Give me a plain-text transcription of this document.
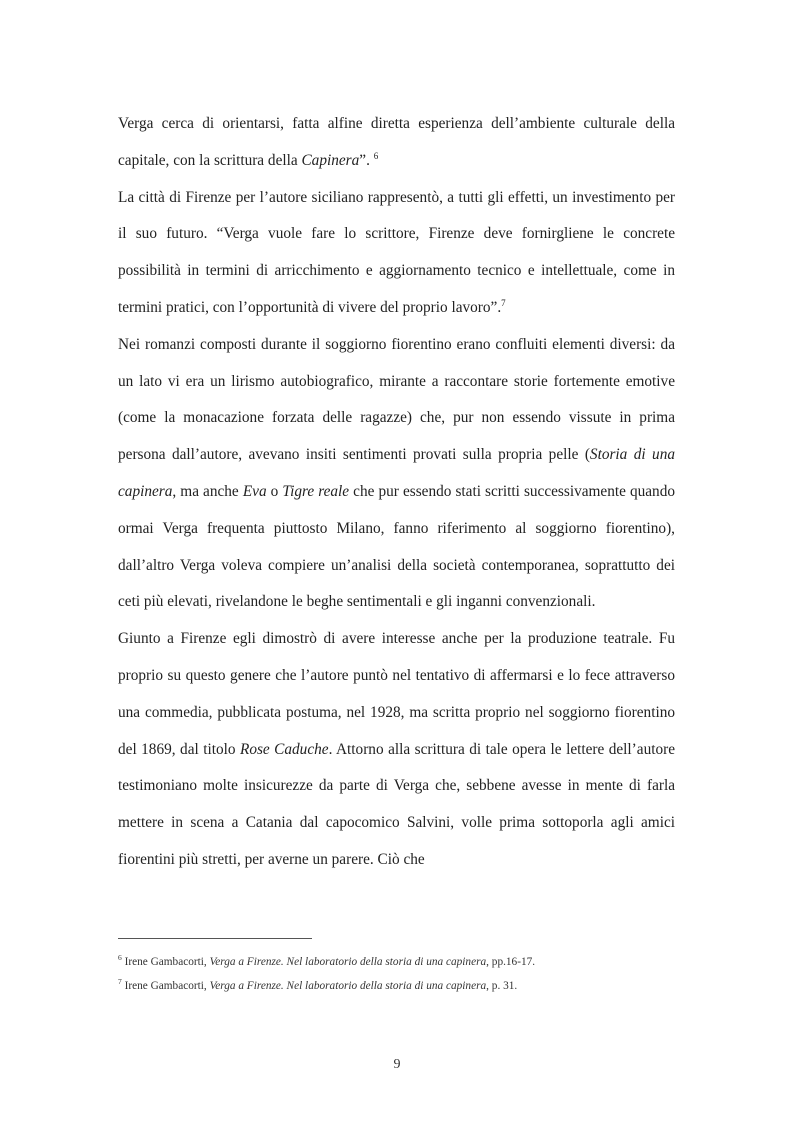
Verga cerca di orientarsi, fatta alfine diretta esperienza dell’ambiente culturale della capitale, con la scrittura della Capinera”. $^6$

La città di Firenze per l’autore siciliano rappresentò, a tutti gli effetti, un investimento per il suo futuro. “Verga vuole fare lo scrittore, Firenze deve fornirgliene le concrete possibilità in termini di arricchimento e aggiornamento tecnico e intellettuale, come in termini pratici, con l’opportunità di vivere del proprio lavoro”.$^7$

Nei romanzi composti durante il soggiorno fiorentino erano confluiti elementi diversi: da un lato vi era un lirismo autobiografico, mirante a raccontare storie fortemente emotive (come la monacazione forzata delle ragazze) che, pur non essendo vissute in prima persona dall’autore, avevano insiti sentimenti provati sulla propria pelle (Storia di una capinera, ma anche Eva o Tigre reale che pur essendo stati scritti successivamente quando ormai Verga frequenta piuttosto Milano, fanno riferimento al soggiorno fiorentino), dall’altro Verga voleva compiere un’analisi della società contemporanea, soprattutto dei ceti più elevati, rivelandone le beghe sentimentali e gli inganni convenzionali.

Giunto a Firenze egli dimostrò di avere interesse anche per la produzione teatrale. Fu proprio su questo genere che l’autore puntò nel tentativo di affermarsi e lo fece attraverso una commedia, pubblicata postuma, nel 1928, ma scritta proprio nel soggiorno fiorentino del 1869, dal titolo Rose Caduche. Attorno alla scrittura di tale opera le lettere dell’autore testimoniano molte insicurezze da parte di Verga che, sebbene avesse in mente di farla mettere in scena a Catania dal capocomico Salvini, volle prima sottoporla agli amici fiorentini più stretti, per averne un parere. Ciò che

$^6$ Irene Gambacorti, Verga a Firenze. Nel laboratorio della storia di una capinera, pp.16-17.
$^7$ Irene Gambacorti, Verga a Firenze. Nel laboratorio della storia di una capinera, p. 31.
9
